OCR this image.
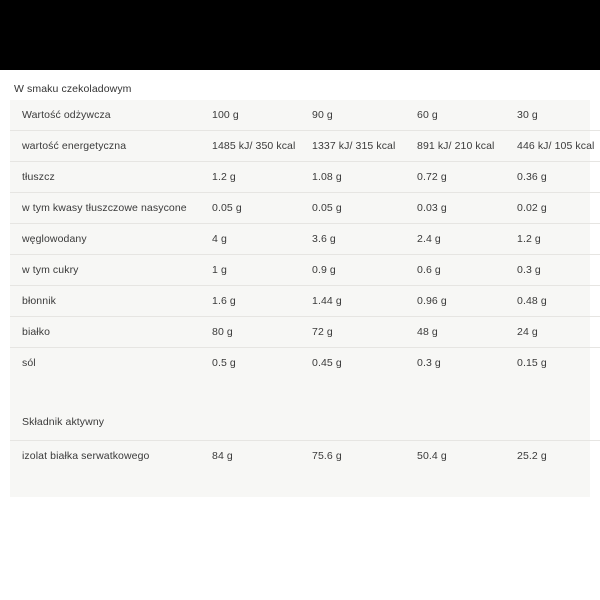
W smaku czekoladowym
Wartość odżywcza	100 g	90 g	60 g	30 g
wartość energetyczna	1485 kJ/ 350 kcal	1337 kJ/ 315 kcal	891 kJ/ 210 kcal	446 kJ/ 105 kcal
tłuszcz	1.2 g	1.08 g	0.72 g	0.36 g
w tym kwasy tłuszczowe nasycone	0.05 g	0.05 g	0.03 g	0.02 g
węglowodany	4 g	3.6 g	2.4 g	1.2 g
w tym cukry	1 g	0.9 g	0.6 g	0.3 g
błonnik	1.6 g	1.44 g	0.96 g	0.48 g
białko	80 g	72 g	48 g	24 g
sól	0.5 g	0.45 g	0.3 g	0.15 g

Składnik aktywny				
izolat białka serwatkowego	84 g	75.6 g	50.4 g	25.2 g
